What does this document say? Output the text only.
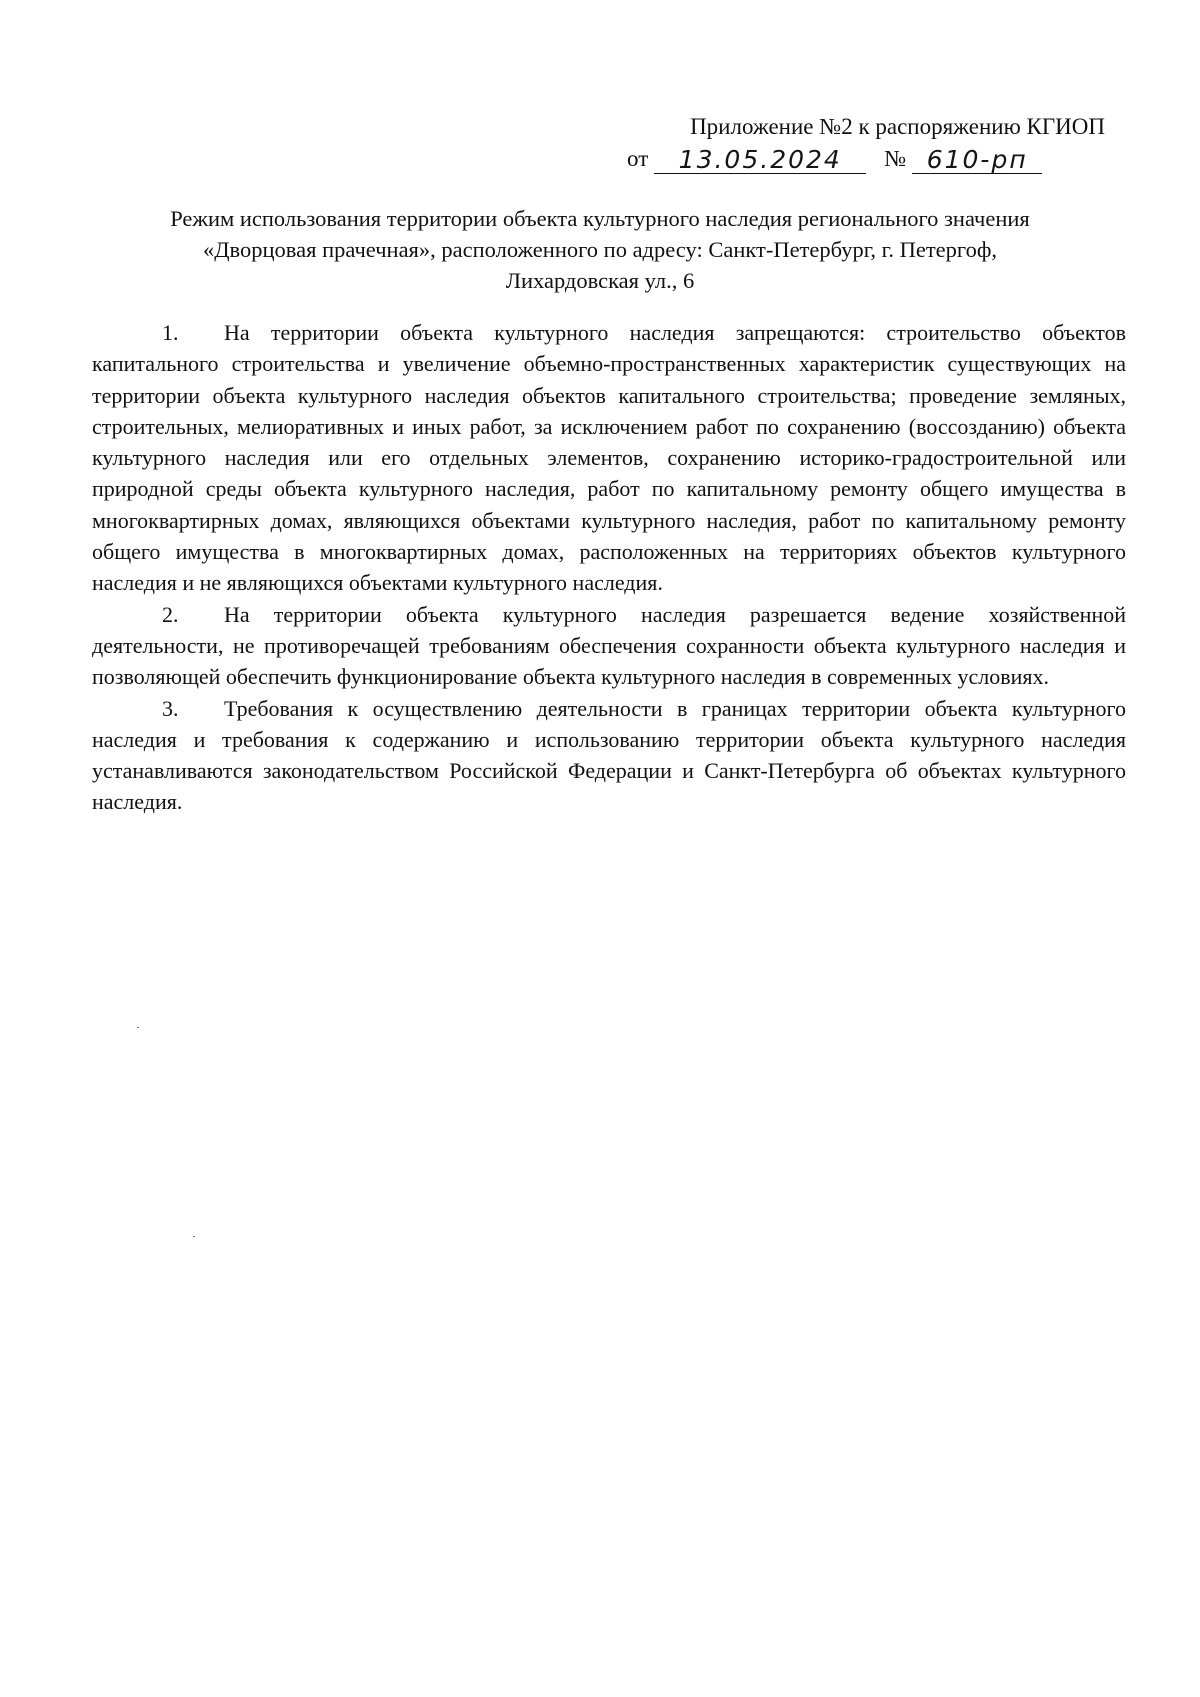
Приложение №2 к распоряжению КГИОП
от 13.05.2024 № 610-рп
Режим использования территории объекта культурного наследия регионального значения
«Дворцовая прачечная», расположенного по адресу: Санкт-Петербург, г. Петергоф,
Лихардовская ул., 6

1. На территории объекта культурного наследия запрещаются: строительство объектов капитального строительства и увеличение объемно-пространственных характеристик существующих на территории объекта культурного наследия объектов капитального строительства; проведение земляных, строительных, мелиоративных и иных работ, за исключением работ по сохранению (воссозданию) объекта культурного наследия или его отдельных элементов, сохранению историко-градостроительной или природной среды объекта культурного наследия, работ по капитальному ремонту общего имущества в многоквартирных домах, являющихся объектами культурного наследия, работ по капитальному ремонту общего имущества в многоквартирных домах, расположенных на территориях объектов культурного наследия и не являющихся объектами культурного наследия.

2. На территории объекта культурного наследия разрешается ведение хозяйственной деятельности, не противоречащей требованиям обеспечения сохранности объекта культурного наследия и позволяющей обеспечить функционирование объекта культурного наследия в современных условиях.

3. Требования к осуществлению деятельности в границах территории объекта культурного наследия и требования к содержанию и использованию территории объекта культурного наследия устанавливаются законодательством Российской Федерации и Санкт-Петербурга об объектах культурного наследия.
